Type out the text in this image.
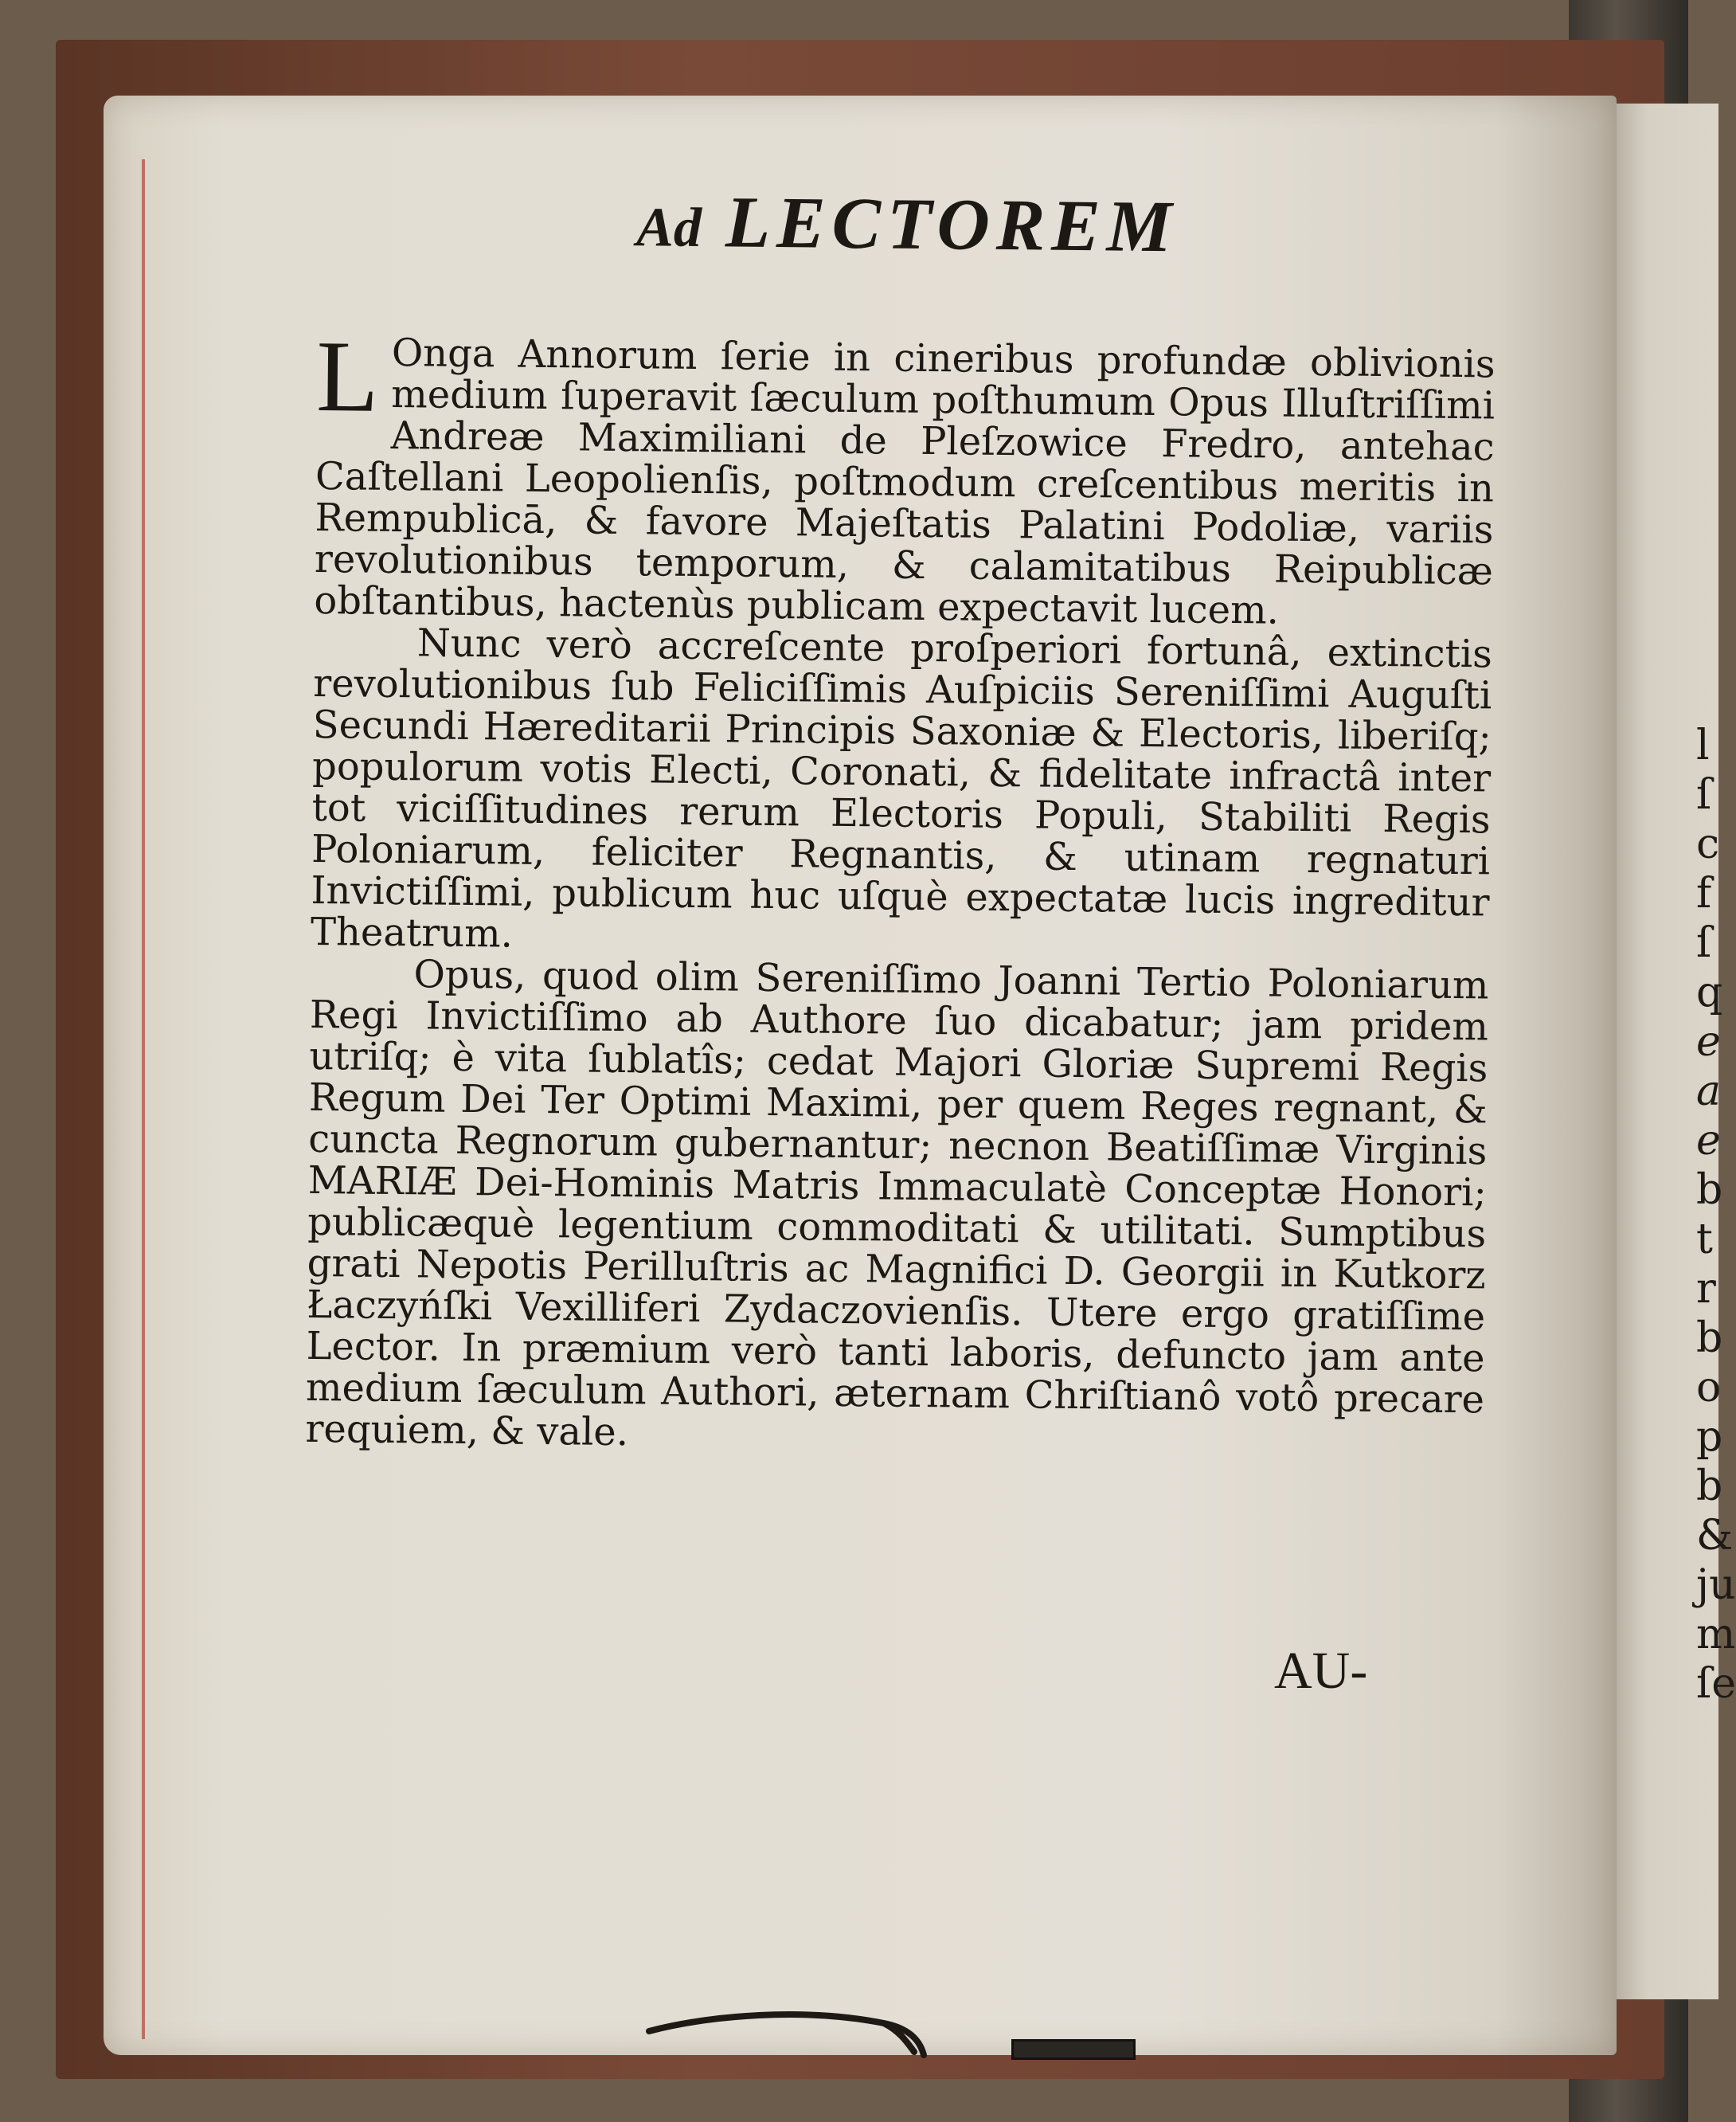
l
ſ
c
f
ſ
q
e
a
e
b
t
r
b
o
p
b
&
ju
m
ſe
Ad LECTOREM

L Onga Annorum ſerie in cineribus profundæ oblivionis medium ſuperavit ſæculum poſthumum Opus Illuſtriſſimi Andreæ Maximiliani de Pleſzowice Fredro, antehac Caſtellani Leopolienſis, poſtmodum creſcentibus meritis in Rempublicā, & favore Majeſtatis Palatini Podoliæ, variis revolutionibus temporum, & calamitatibus Reipublicæ obſtantibus, hactenùs publicam expectavit lucem.

Nunc verò accreſcente proſperiori fortunâ, extinctis revolutionibus ſub Feliciſſimis Auſpiciis Sereniſſimi Auguſti Secundi Hæreditarii Principis Saxoniæ & Electoris, liberiſq; populorum votis Electi, Coronati, & fidelitate infractâ inter tot viciſſitudines rerum Electoris Populi, Stabiliti Regis Poloniarum, feliciter Regnantis, & utinam regnaturi Invictiſſimi, publicum huc uſquè expectatæ lucis ingreditur Theatrum.

Opus, quod olim Sereniſſimo Joanni Tertio Poloniarum Regi Invictiſſimo ab Authore ſuo dicabatur; jam pridem utriſq; è vita ſublatîs; cedat Majori Gloriæ Supremi Regis Regum Dei Ter Optimi Maximi, per quem Reges regnant, & cuncta Regnorum gubernantur; necnon Beatiſſimæ Virginis MARIÆ Dei-Hominis Matris Immaculatè Conceptæ Honori; publicæquè legentium commoditati & utilitati. Sumptibus grati Nepotis Perilluſtris ac Magnifici D. Georgii in Kutkorz Łaczyńſki Vexilliferi Zydaczovienſis. Utere ergo gratiſſime Lector. In præmium verò tanti laboris, defuncto jam ante medium ſæculum Authori, æternam Chriſtianô votô precare requiem, & vale.

AU-
